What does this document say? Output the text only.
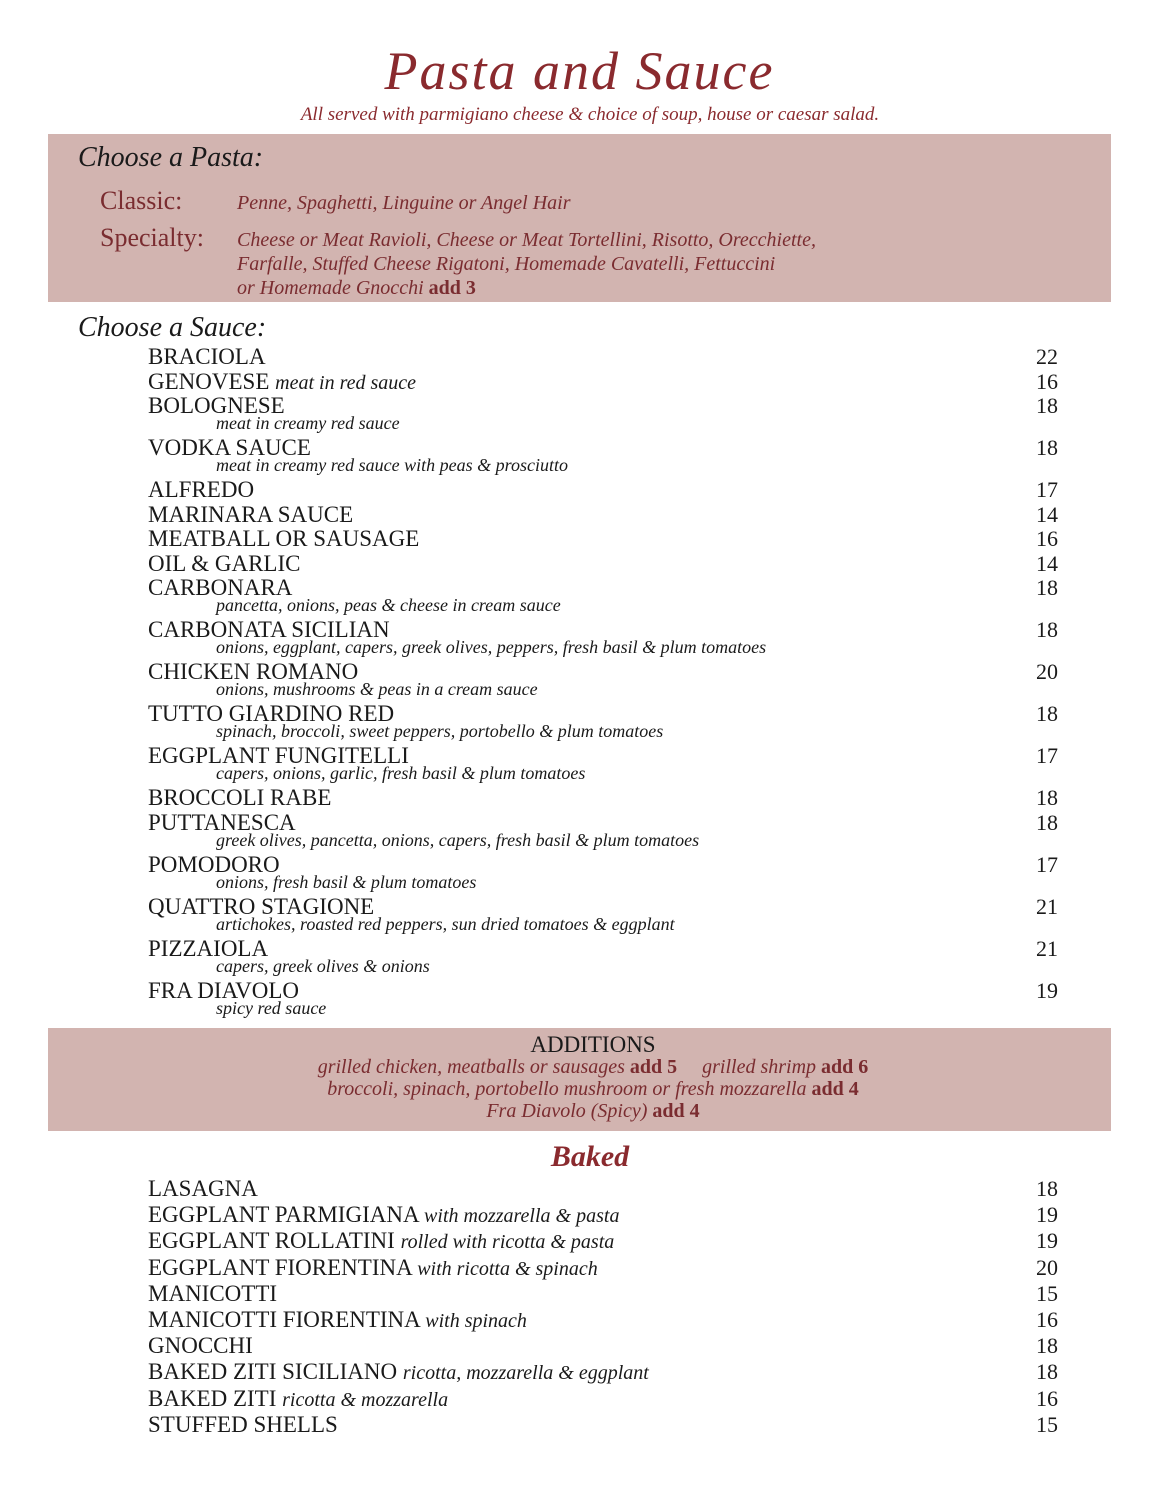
Pasta and Sauce
All served with parmigiano cheese & choice of soup, house or caesar salad.
Choose a Pasta:
Classic:	Penne, Spaghetti, Linguine or Angel Hair
Specialty: Cheese or Meat Ravioli, Cheese or Meat Tortellini, Risotto, Orecchiette,
Farfalle, Stuffed Cheese Rigatoni, Homemade Cavatelli, Fettuccini
or Homemade Gnocchi add 3
Choose a Sauce:
BRACIOLA	22
GENOVESE meat in red sauce	16
BOLOGNESE	18
meat in creamy red sauce
VODKA SAUCE	18
meat in creamy red sauce with peas & prosciutto
ALFREDO	17
MARINARA SAUCE	14
MEATBALL OR SAUSAGE	16
OIL & GARLIC	14
CARBONARA	18
pancetta, onions, peas & cheese in cream sauce
CARBONATA SICILIAN	18
onions, eggplant, capers, greek olives, peppers, fresh basil & plum tomatoes
CHICKEN ROMANO	20
onions, mushrooms & peas in a cream sauce
TUTTO GIARDINO RED	18
spinach, broccoli, sweet peppers, portobello & plum tomatoes
EGGPLANT FUNGITELLI	17
capers, onions, garlic, fresh basil & plum tomatoes
BROCCOLI RABE	18
PUTTANESCA	18
greek olives, pancetta, onions, capers, fresh basil & plum tomatoes
POMODORO	17
onions, fresh basil & plum tomatoes
QUATTRO STAGIONE	21
artichokes, roasted red peppers, sun dried tomatoes & eggplant
PIZZAIOLA	21
capers, greek olives & onions
FRA DIAVOLO	19
spicy red sauce
ADDITIONS
grilled chicken, meatballs or sausages add 5 grilled shrimp add 6
broccoli, spinach, portobello mushroom or fresh mozzarella add 4
Fra Diavolo (Spicy) add 4
Baked
LASAGNA	18
EGGPLANT PARMIGIANA with mozzarella & pasta	19
EGGPLANT ROLLATINI rolled with ricotta & pasta	19
EGGPLANT FIORENTINA with ricotta & spinach	20
MANICOTTI	15
MANICOTTI FIORENTINA with spinach	16
GNOCCHI	18
BAKED ZITI SICILIANO ricotta, mozzarella & eggplant	18
BAKED ZITI ricotta & mozzarella	16
STUFFED SHELLS	15
